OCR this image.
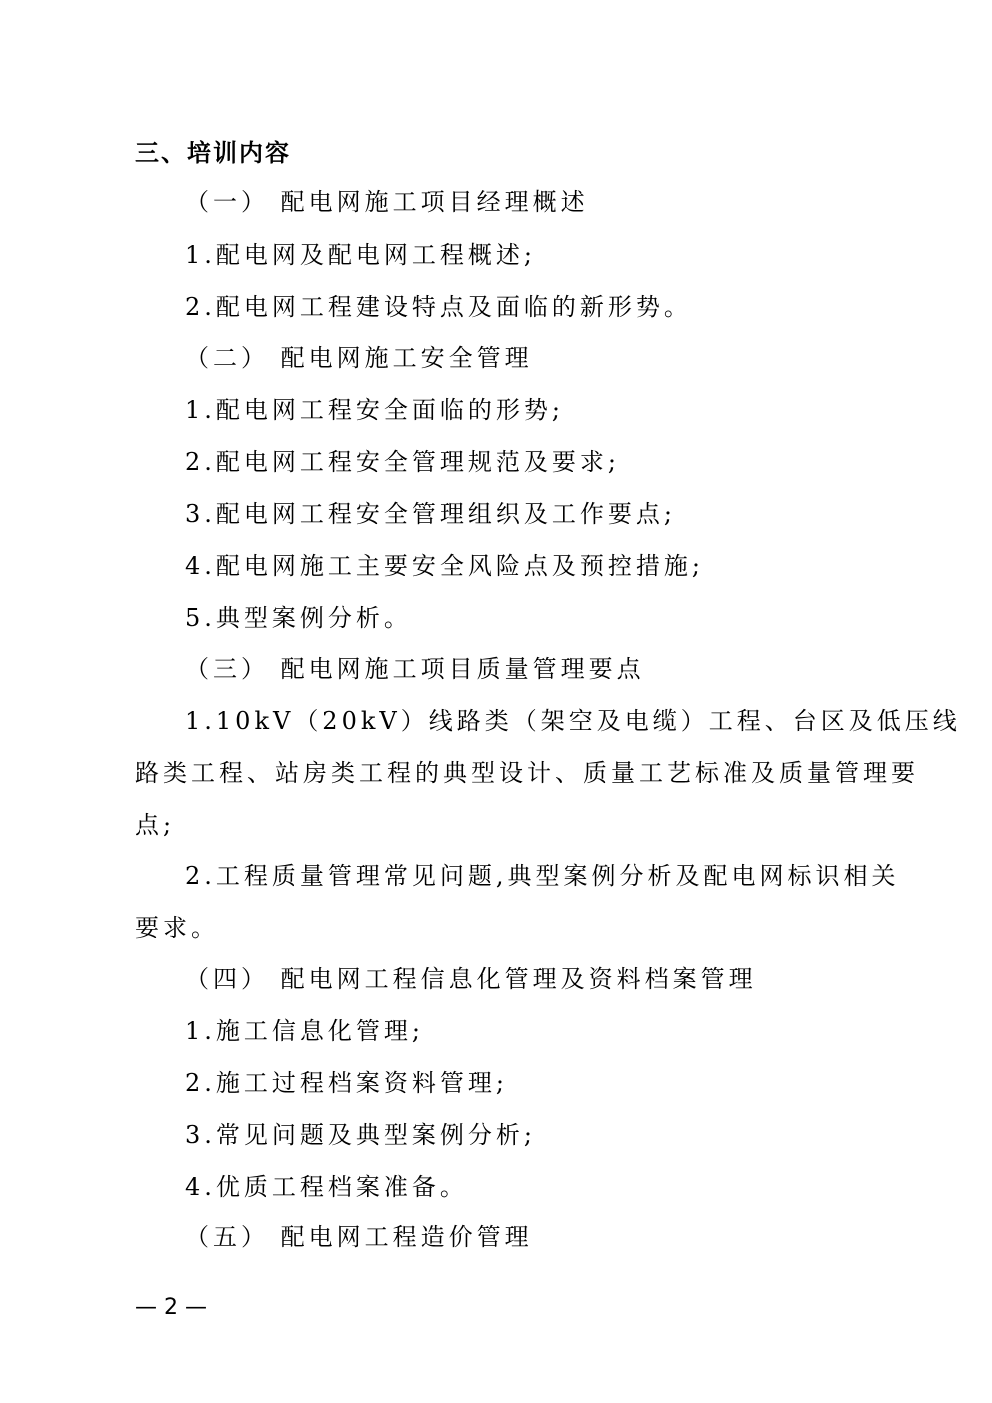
三、培训内容
（一） 配电网施工项目经理概述
1.配电网及配电网工程概述;
2.配电网工程建设特点及面临的新形势。
（二） 配电网施工安全管理
1.配电网工程安全面临的形势;
2.配电网工程安全管理规范及要求;
3.配电网工程安全管理组织及工作要点;
4.配电网施工主要安全风险点及预控措施;
5.典型案例分析。
（三） 配电网施工项目质量管理要点
1.10kV（20kV）线路类（架空及电缆）工程、台区及低压线
路类工程、站房类工程的典型设计、质量工艺标准及质量管理要
点;
2.工程质量管理常见问题,典型案例分析及配电网标识相关
要求。
（四） 配电网工程信息化管理及资料档案管理
1.施工信息化管理;
2.施工过程档案资料管理;
3.常见问题及典型案例分析;
4.优质工程档案准备。
（五） 配电网工程造价管理
— 2 —
